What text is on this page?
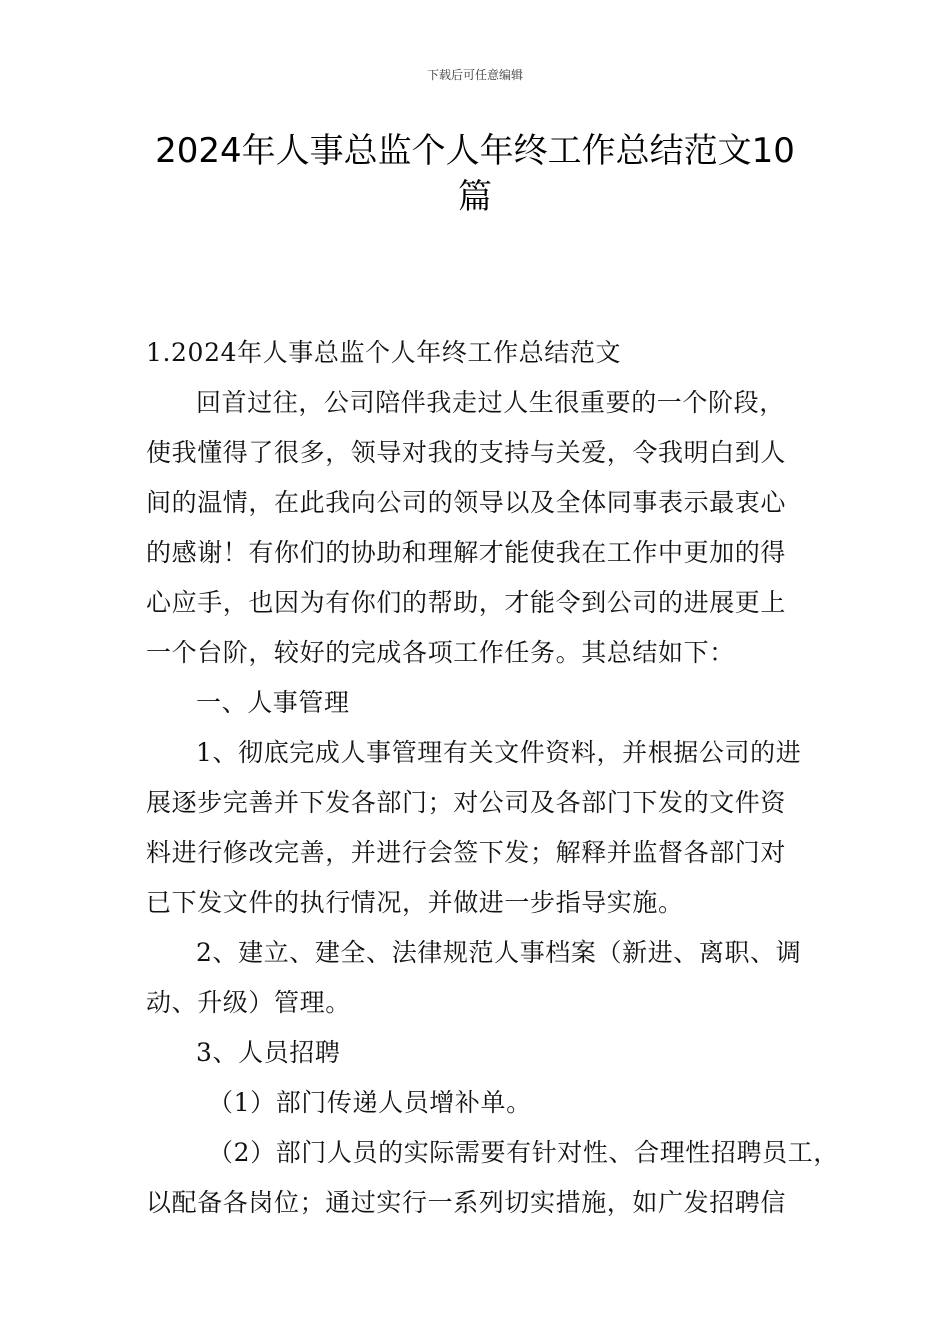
下载后可任意编辑
2024年人事总监个人年终工作总结范文10
篇
1.2024年人事总监个人年终工作总结范文
回首过往，公司陪伴我走过人生很重要的一个阶段，
使我懂得了很多，领导对我的支持与关爱，令我明白到人
间的温情，在此我向公司的领导以及全体同事表示最衷心
的感谢！有你们的协助和理解才能使我在工作中更加的得
心应手，也因为有你们的帮助，才能令到公司的进展更上
一个台阶，较好的完成各项工作任务。其总结如下：
一、人事管理
1、彻底完成人事管理有关文件资料，并根据公司的进
展逐步完善并下发各部门；对公司及各部门下发的文件资
料进行修改完善，并进行会签下发；解释并监督各部门对
已下发文件的执行情况，并做进一步指导实施。
2、建立、建全、法律规范人事档案（新进、离职、调
动、升级）管理。
3、人员招聘
（1）部门传递人员增补单。
（2）部门人员的实际需要有针对性、合理性招聘员工，
以配备各岗位；通过实行一系列切实措施，如广发招聘信
